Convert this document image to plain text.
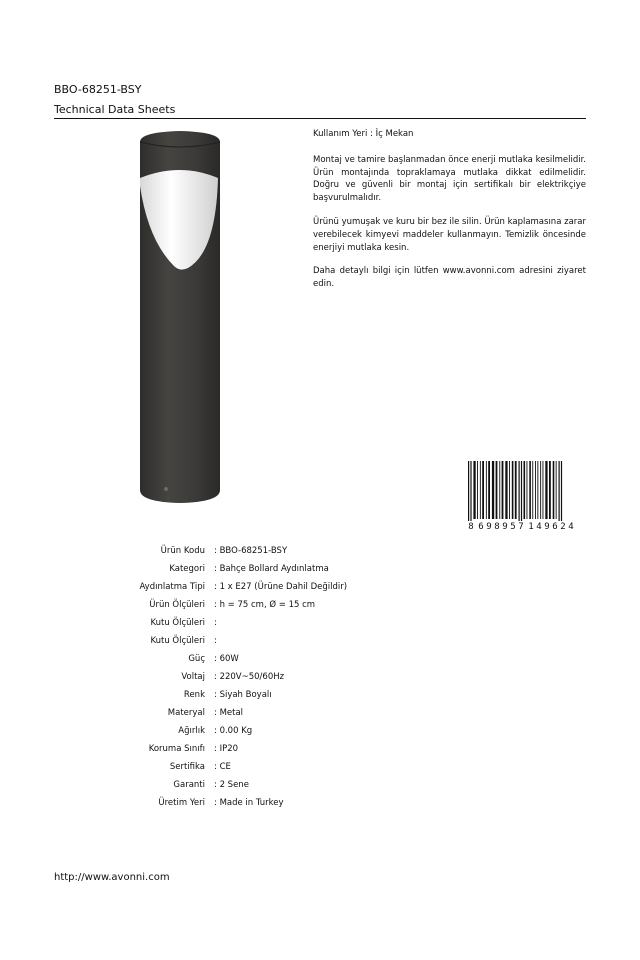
BBO-68251-BSY
Technical Data Sheets

Kullanım Yeri : İç Mekan

Montaj ve tamire başlanmadan önce enerji mutlaka kesilmelidir. Ürün montajında topraklamaya mutlaka dikkat edilmelidir. Doğru ve güvenli bir montaj için sertifikalı bir elektrikçiye başvurulmalıdır.

Ürünü yumuşak ve kuru bir bez ile silin. Ürün kaplamasına zarar verebilecek kimyevi maddeler kullanmayın. Temizlik öncesinde enerjiyi mutlaka kesin.

Daha detaylı bilgi için lütfen www.avonni.com adresini ziyaret edin.

8 6 9 8 9 5 7 1 4 9 6 2 4
Ürün Kodu : BBO-68251-BSY
Kategori : Bahçe Bollard Aydınlatma
Aydınlatma Tipi : 1 x E27 (Ürüne Dahil Değildir)
Ürün Ölçüleri : h = 75 cm, Ø = 15 cm
Kutu Ölçüleri :
Kutu Ölçüleri :
Güç : 60W
Voltaj : 220V~50/60Hz
Renk : Siyah Boyalı
Materyal : Metal
Ağırlık : 0.00 Kg
Koruma Sınıfı : IP20
Sertifika : CE
Garanti : 2 Sene
Üretim Yeri : Made in Turkey
http://www.avonni.com
